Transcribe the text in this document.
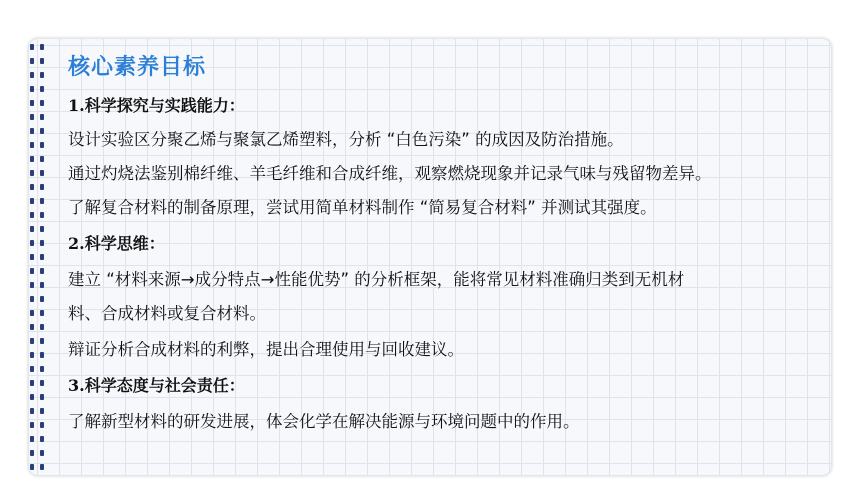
核心素养目标
1.科学探究与实践能力：
设计实验区分聚乙烯与聚氯乙烯塑料，分析 “白色污染” 的成因及防治措施。
通过灼烧法鉴别棉纤维、羊毛纤维和合成纤维，观察燃烧现象并记录气味与残留物差异。
了解复合材料的制备原理，尝试用简单材料制作 “简易复合材料” 并测试其强度。
2.科学思维：
建立 “材料来源→成分特点→性能优势” 的分析框架，能将常见材料准确归类到无机材
料、合成材料或复合材料。
辩证分析合成材料的利弊，提出合理使用与回收建议。
3.科学态度与社会责任：
了解新型材料的研发进展，体会化学在解决能源与环境问题中的作用。
